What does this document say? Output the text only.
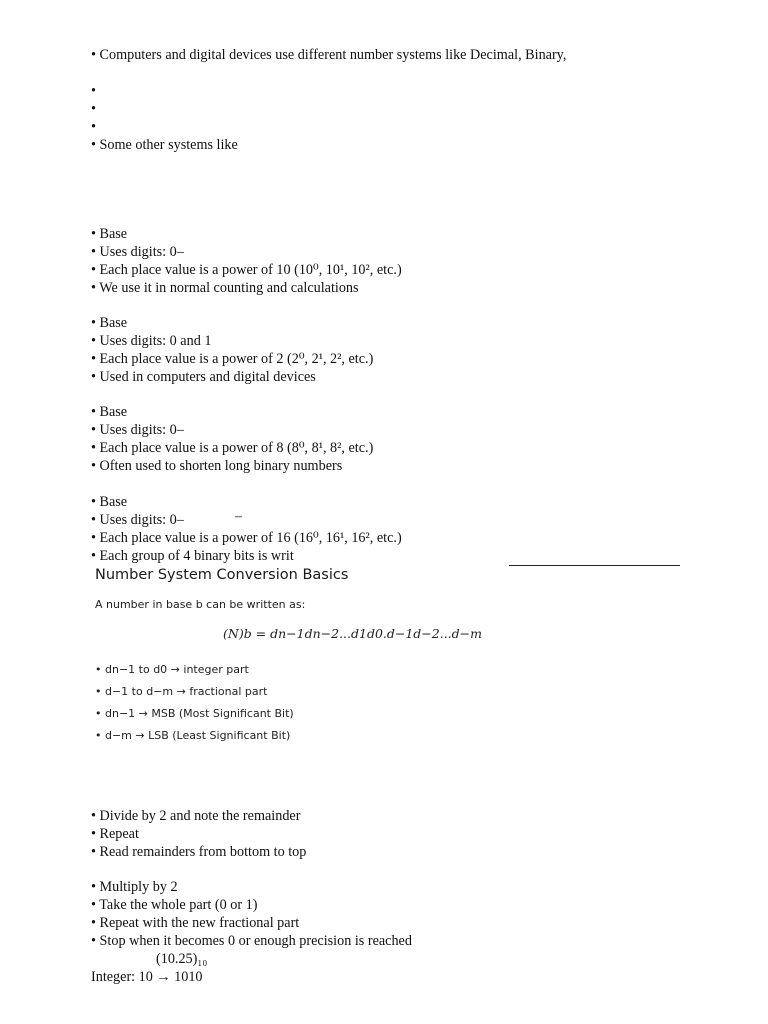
• Computers and digital devices use different number systems like Decimal, Binary,
•
•
•
• Some other systems like
• Base
• Uses digits: 0–
• Each place value is a power of 10 (10⁰, 10¹, 10², etc.)
• We use it in normal counting and calculations
• Base
• Uses digits: 0 and 1
• Each place value is a power of 2 (2⁰, 2¹, 2², etc.)
• Used in computers and digital devices
• Base
• Uses digits: 0–
• Each place value is a power of 8 (8⁰, 8¹, 8², etc.)
• Often used to shorten long binary numbers
• Base
• Uses digits: 0–	–
• Each place value is a power of 16 (16⁰, 16¹, 16², etc.)
• Each group of 4 binary bits is writ
Number System Conversion Basics
A number in base b can be written as:
(N)b = dn−1dn−2...d1d0.d−1d−2...d−m
• dn−1 to d0 → integer part
• d−1 to d−m → fractional part
• dn−1 → MSB (Most Significant Bit)
• d−m → LSB (Least Significant Bit)
• Divide by 2 and note the remainder
• Repeat
• Read remainders from bottom to top
• Multiply by 2
• Take the whole part (0 or 1)
• Repeat with the new fractional part
• Stop when it becomes 0 or enough precision is reached
(10.25)₁₀
Integer: 10 → 1010
